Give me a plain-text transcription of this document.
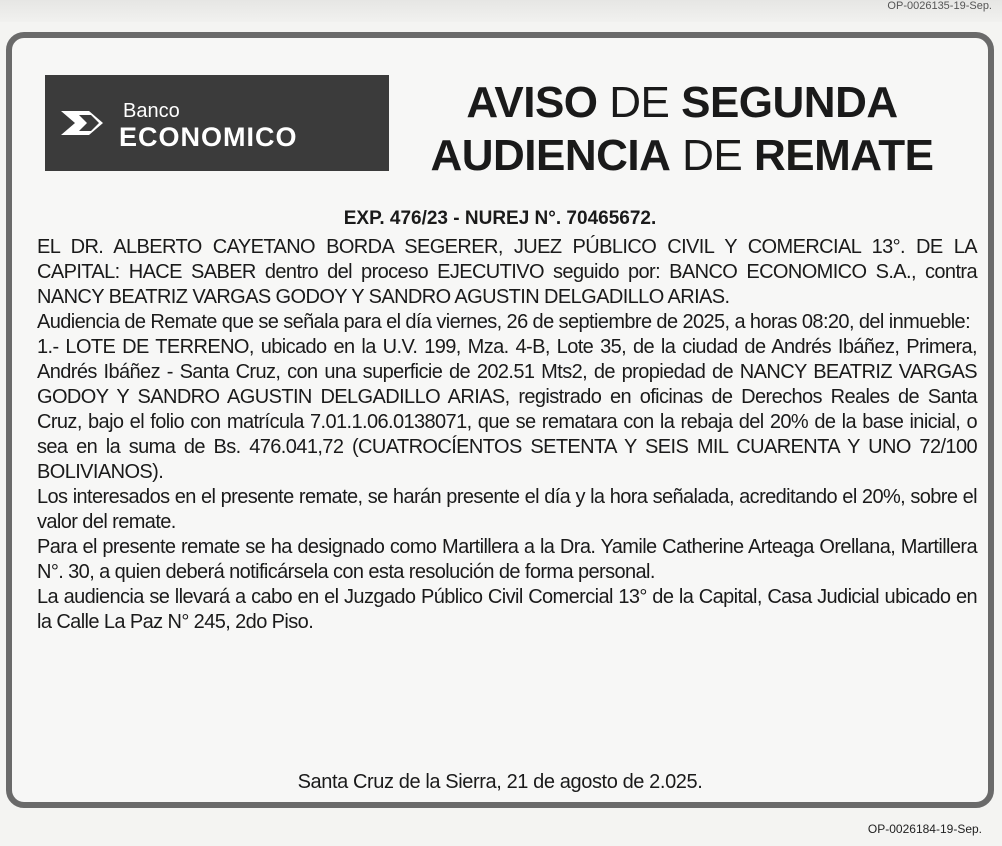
OP-0026135-19-Sep.
Banco
ECONOMICO
AVISO DE SEGUNDA
AUDIENCIA DE REMATE
EXP. 476/23 - NUREJ N°. 70465672.

EL DR. ALBERTO CAYETANO BORDA SEGERER, JUEZ PÚBLICO CIVIL Y COMERCIAL 13°. DE LA CAPITAL: HACE SABER dentro del proceso EJECUTIVO seguido por: BANCO ECONOMICO S.A., contra NANCY BEATRIZ VARGAS GODOY Y SANDRO AGUSTIN DELGADILLO ARIAS.

Audiencia de Remate que se señala para el día viernes, 26 de septiembre de 2025, a horas 08:20, del inmueble:

1.- LOTE DE TERRENO, ubicado en la U.V. 199, Mza. 4-B, Lote 35, de la ciudad de Andrés Ibáñez, Primera, Andrés Ibáñez - Santa Cruz, con una superficie de 202.51 Mts2, de propiedad de NANCY BEATRIZ VARGAS GODOY Y SANDRO AGUSTIN DELGADILLO ARIAS, registrado en oficinas de Derechos Reales de Santa Cruz, bajo el folio con matrícula 7.01.1.06.0138071, que se rematara con la rebaja del 20% de la base inicial, o sea en la suma de Bs. 476.041,72 (CUATROCÍENTOS SETENTA Y SEIS MIL CUARENTA Y UNO 72/100 BOLIVIANOS).

Los interesados en el presente remate, se harán presente el día y la hora señalada, acreditando el 20%, sobre el valor del remate.

Para el presente remate se ha designado como Martillera a la Dra. Yamile Catherine Arteaga Orellana, Martillera N°. 30, a quien deberá notificársela con esta resolución de forma personal.

La audiencia se llevará a cabo en el Juzgado Público Civil Comercial 13° de la Capital, Casa Judicial ubicado en la Calle La Paz N° 245, 2do Piso.

Santa Cruz de la Sierra, 21 de agosto de 2.025.
OP-0026184-19-Sep.
